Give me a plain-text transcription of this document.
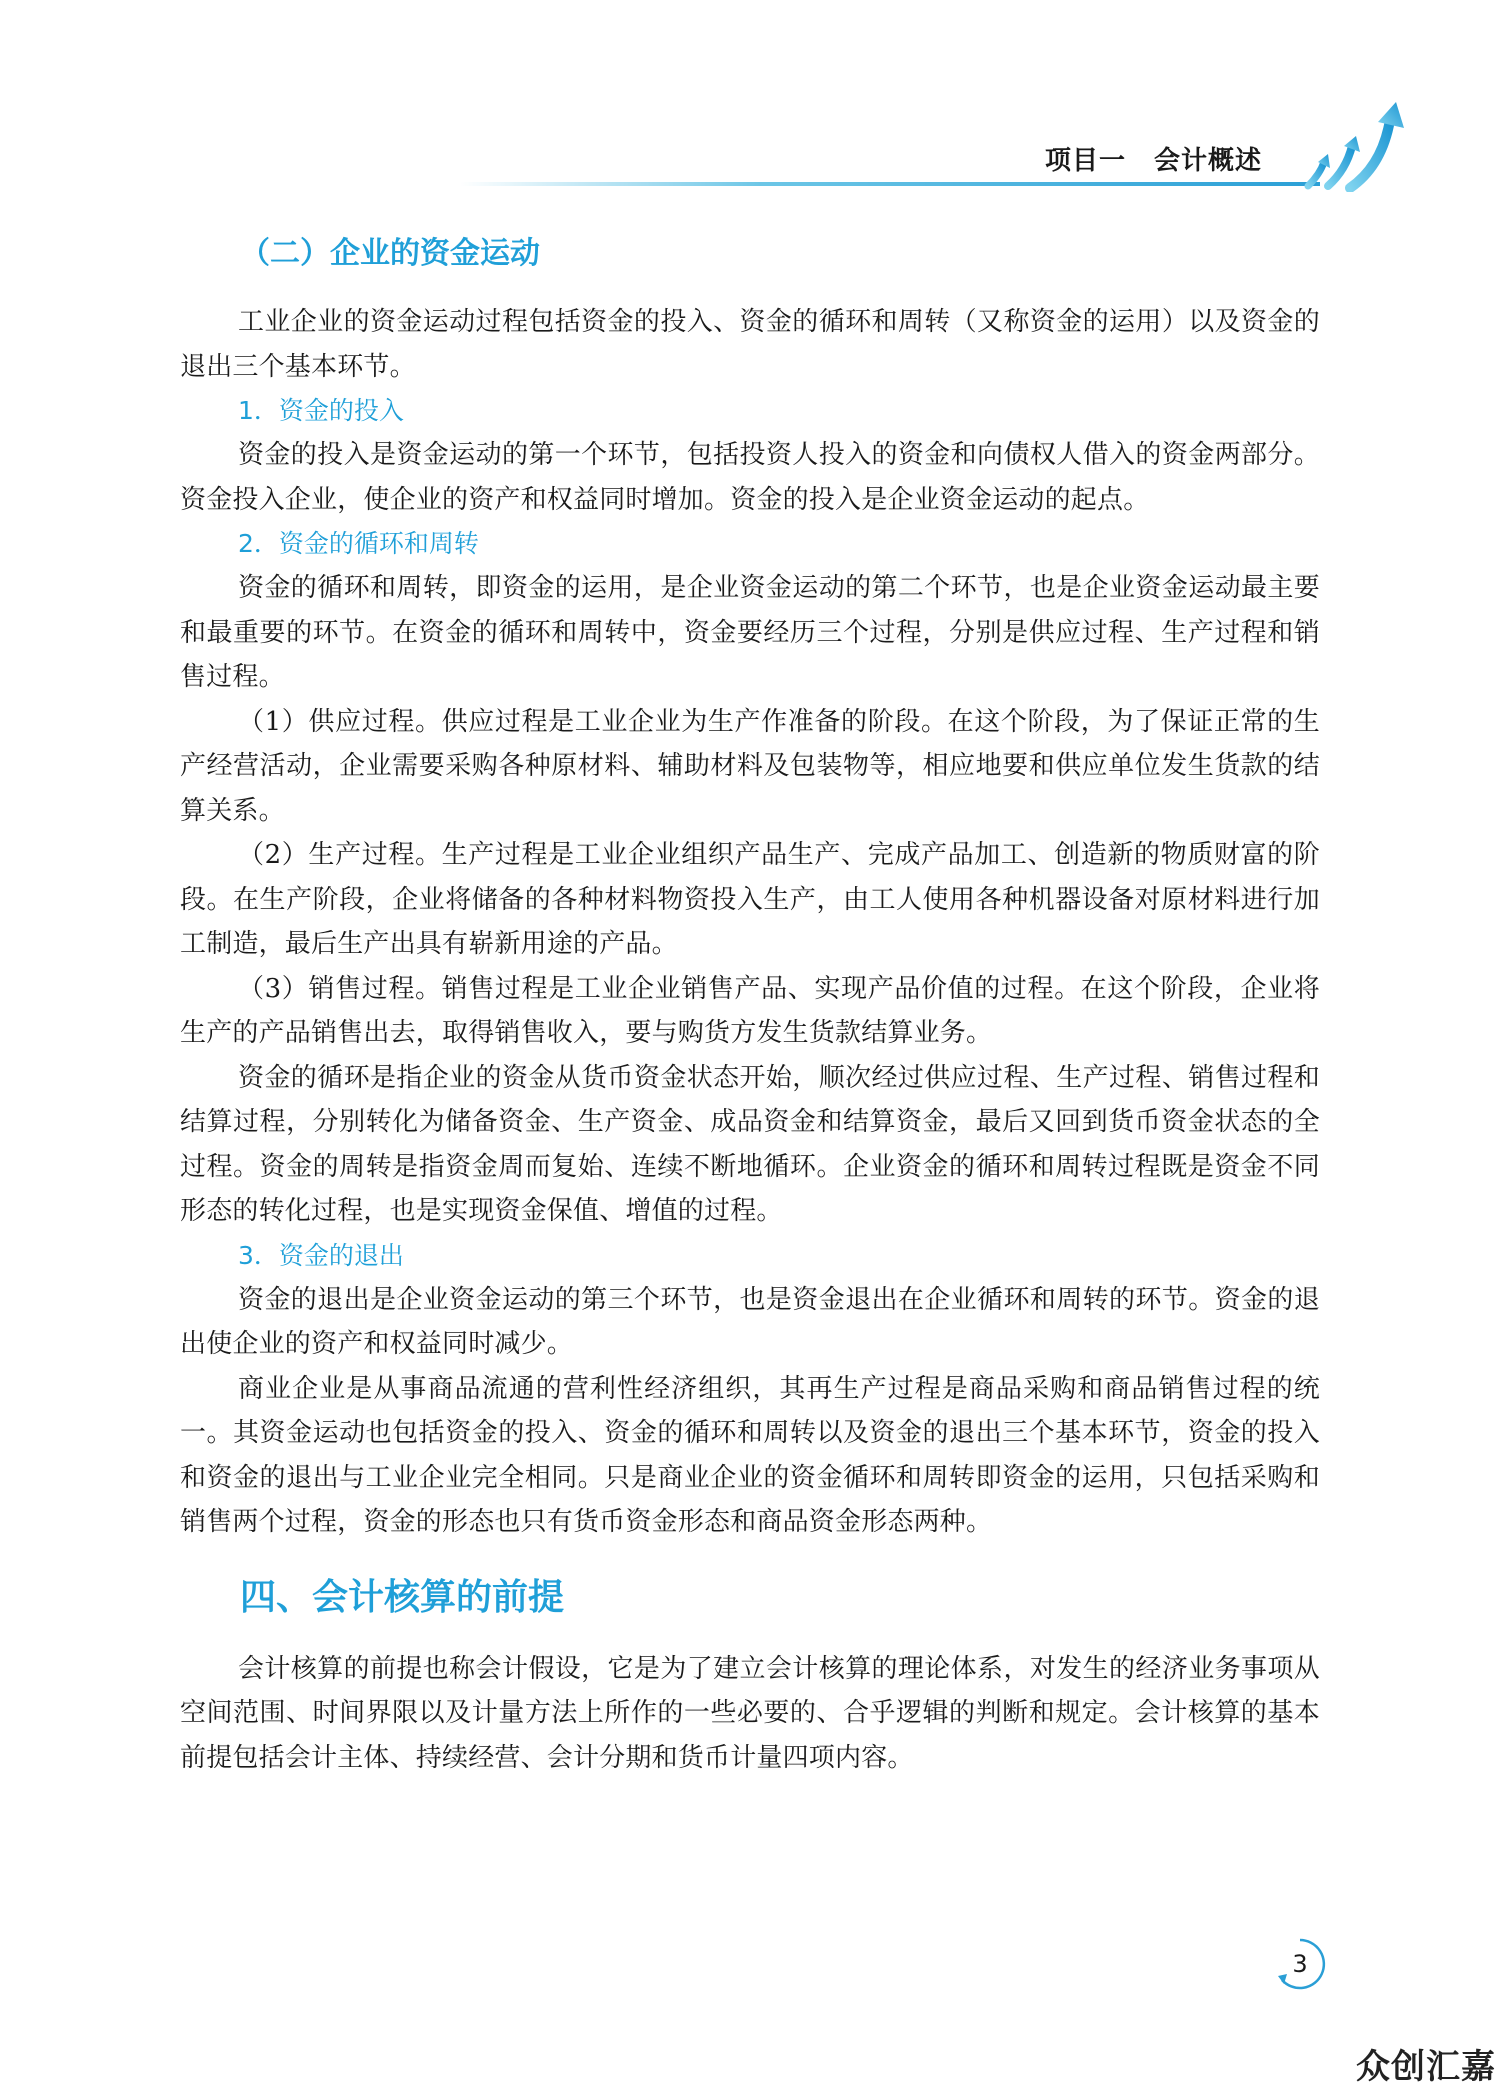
项目一 会计概述
（二）企业的资金运动

工业企业的资金运动过程包括资金的投入、资金的循环和周转（又称资金的运用）以及资金的退出三个基本环节。

1．资金的投入

资金的投入是资金运动的第一个环节，包括投资人投入的资金和向债权人借入的资金两部分。资金投入企业，使企业的资产和权益同时增加。资金的投入是企业资金运动的起点。

2．资金的循环和周转

资金的循环和周转，即资金的运用，是企业资金运动的第二个环节，也是企业资金运动最主要和最重要的环节。在资金的循环和周转中，资金要经历三个过程，分别是供应过程、生产过程和销售过程。

（1）供应过程。供应过程是工业企业为生产作准备的阶段。在这个阶段，为了保证正常的生产经营活动，企业需要采购各种原材料、辅助材料及包装物等，相应地要和供应单位发生货款的结算关系。

（2）生产过程。生产过程是工业企业组织产品生产、完成产品加工、创造新的物质财富的阶段。在生产阶段，企业将储备的各种材料物资投入生产，由工人使用各种机器设备对原材料进行加工制造，最后生产出具有崭新用途的产品。

（3）销售过程。销售过程是工业企业销售产品、实现产品价值的过程。在这个阶段，企业将生产的产品销售出去，取得销售收入，要与购货方发生货款结算业务。

资金的循环是指企业的资金从货币资金状态开始，顺次经过供应过程、生产过程、销售过程和结算过程，分别转化为储备资金、生产资金、成品资金和结算资金，最后又回到货币资金状态的全过程。资金的周转是指资金周而复始、连续不断地循环。企业资金的循环和周转过程既是资金不同形态的转化过程，也是实现资金保值、增值的过程。

3．资金的退出

资金的退出是企业资金运动的第三个环节，也是资金退出在企业循环和周转的环节。资金的退出使企业的资产和权益同时减少。

商业企业是从事商品流通的营利性经济组织，其再生产过程是商品采购和商品销售过程的统一。其资金运动也包括资金的投入、资金的循环和周转以及资金的退出三个基本环节，资金的投入和资金的退出与工业企业完全相同。只是商业企业的资金循环和周转即资金的运用，只包括采购和销售两个过程，资金的形态也只有货币资金形态和商品资金形态两种。

四、会计核算的前提

会计核算的前提也称会计假设，它是为了建立会计核算的理论体系，对发生的经济业务事项从空间范围、时间界限以及计量方法上所作的一些必要的、合乎逻辑的判断和规定。会计核算的基本前提包括会计主体、持续经营、会计分期和货币计量四项内容。

3
众创汇嘉
